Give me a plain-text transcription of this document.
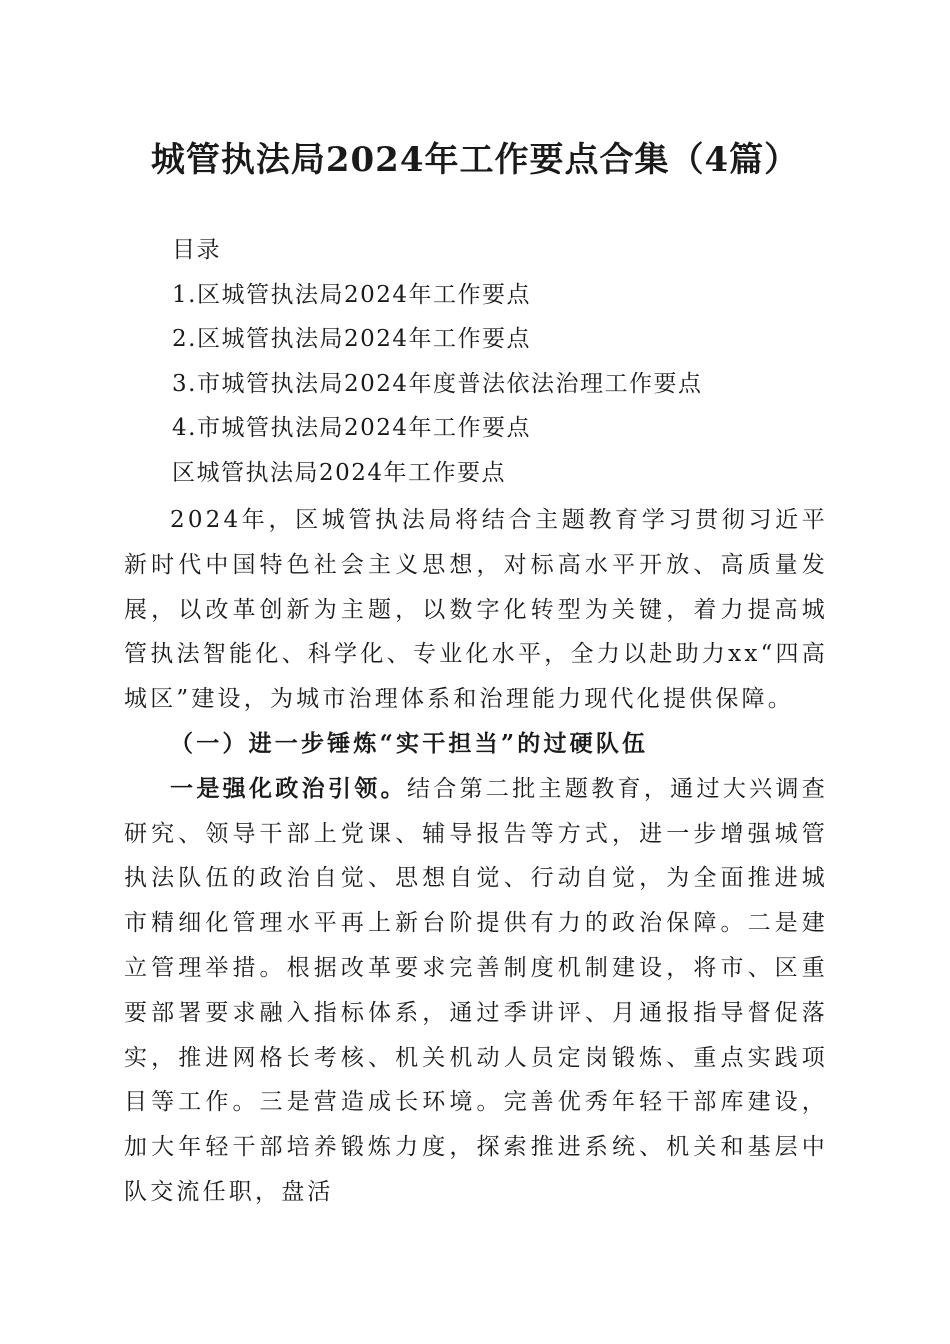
城管执法局2024年工作要点合集（4篇）
目录
1.区城管执法局2024年工作要点
2.区城管执法局2024年工作要点
3.市城管执法局2024年度普法依法治理工作要点
4.市城管执法局2024年工作要点
区城管执法局2024年工作要点

2024年，区城管执法局将结合主题教育学习贯彻习近平新时代中国特色社会主义思想，对标高水平开放、高质量发展，以改革创新为主题，以数字化转型为关键，着力提高城管执法智能化、科学化、专业化水平，全力以赴助力xx“四高城区”建设，为城市治理体系和治理能力现代化提供保障。

（一）进一步锤炼“实干担当”的过硬队伍

一是强化政治引领。结合第二批主题教育，通过大兴调查研究、领导干部上党课、辅导报告等方式，进一步增强城管执法队伍的政治自觉、思想自觉、行动自觉，为全面推进城市精细化管理水平再上新台阶提供有力的政治保障。二是建立管理举措。根据改革要求完善制度机制建设，将市、区重要部署要求融入指标体系，通过季讲评、月通报指导督促落实，推进网格长考核、机关机动人员定岗锻炼、重点实践项目等工作。三是营造成长环境。完善优秀年轻干部库建设，加大年轻干部培养锻炼力度，探索推进系统、机关和基层中队交流任职，盘活
